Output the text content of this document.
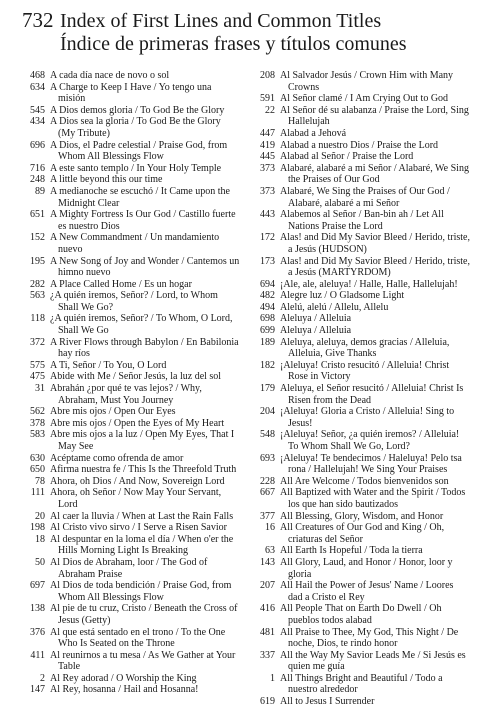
732 Index of First Lines and Common Titles
Índice de primeras frases y títulos comunes
468 A cada día nace de novo o sol
634 A Charge to Keep I Have / Yo tengo una misión
545 A Dios demos gloria / To God Be the Glory
434 A Dios sea la gloria / To God Be the Glory (My Tribute)
696 A Dios, el Padre celestial / Praise God, from Whom All Blessings Flow
716 A este santo templo / In Your Holy Temple
248 A little beyond this our time
89 A medianoche se escuchó / It Came upon the Midnight Clear
651 A Mighty Fortress Is Our God / Castillo fuerte es nuestro Dios
152 A New Commandment / Un mandamiento nuevo
195 A New Song of Joy and Wonder / Cantemos un himno nuevo
282 A Place Called Home / Es un hogar
563 ¿A quién iremos, Señor? / Lord, to Whom Shall We Go?
118 ¿A quién iremos, Señor? / To Whom, O Lord, Shall We Go
372 A River Flows through Babylon / En Babilonia hay ríos
575 A Ti, Señor / To You, O Lord
475 Abide with Me / Señor Jesús, la luz del sol
31 Abrahán ¿por qué te vas lejos? / Why, Abraham, Must You Journey
562 Abre mis ojos / Open Our Eyes
378 Abre mis ojos / Open the Eyes of My Heart
583 Abre mis ojos a la luz / Open My Eyes, That I May See
630 Acéptame como ofrenda de amor
650 Afirma nuestra fe / This Is the Threefold Truth
78 Ahora, oh Dios / And Now, Sovereign Lord
111 Ahora, oh Señor / Now May Your Servant, Lord
20 Al caer la lluvia / When at Last the Rain Falls
198 Al Cristo vivo sirvo / I Serve a Risen Savior
18 Al despuntar en la loma el día / When o'er the Hills Morning Light Is Breaking
50 Al Dios de Abraham, loor / The God of Abraham Praise
697 Al Dios de toda bendición / Praise God, from Whom All Blessings Flow
138 Al pie de tu cruz, Cristo / Beneath the Cross of Jesus (Getty)
376 Al que está sentado en el trono / To the One Who Is Seated on the Throne
411 Al reunirnos a tu mesa / As We Gather at Your Table
2 Al Rey adorad / O Worship the King
147 Al Rey, hosanna / Hail and Hosanna!
208 Al Salvador Jesús / Crown Him with Many Crowns
591 Al Señor clamé / I Am Crying Out to God
22 Al Señor dé su alabanza / Praise the Lord, Sing Hallelujah
447 Alabad a Jehová
419 Alabad a nuestro Dios / Praise the Lord
445 Alabad al Señor / Praise the Lord
373 Alabaré, alabaré a mi Señor / Alabaré, We Sing the Praises of Our God
373 Alabaré, We Sing the Praises of Our God / Alabaré, alabaré a mi Señor
443 Alabemos al Señor / Ban-bin ah / Let All Nations Praise the Lord
172 Alas! and Did My Savior Bleed / Herido, triste, a Jesús (HUDSON)
173 Alas! and Did My Savior Bleed / Herido, triste, a Jesús (MARTYRDOM)
694 ¡Ale, ale, aleluya! / Halle, Halle, Hallelujah!
482 Alegre luz / O Gladsome Light
494 Alelú, alelú / Allelu, Allelu
698 Aleluya / Alleluia
699 Aleluya / Alleluia
189 Aleluya, aleluya, demos gracias / Alleluia, Alleluia, Give Thanks
182 ¡Aleluya! Cristo resucitó / Alleluia! Christ Rose in Victory
179 Aleluya, el Señor resucitó / Alleluia! Christ Is Risen from the Dead
204 ¡Aleluya! Gloria a Cristo / Alleluia! Sing to Jesus!
548 ¡Aleluya! Señor, ¿a quién iremos? / Alleluia! To Whom Shall We Go, Lord?
693 ¡Aleluya! Te bendecimos / Haleluya! Pelo tsa rona / Hallelujah! We Sing Your Praises
228 All Are Welcome / Todos bienvenidos son
667 All Baptized with Water and the Spirit / Todos los que han sido bautizados
377 All Blessing, Glory, Wisdom, and Honor
16 All Creatures of Our God and King / Oh, criaturas del Señor
63 All Earth Is Hopeful / Toda la tierra
143 All Glory, Laud, and Honor / Honor, loor y gloria
207 All Hail the Power of Jesus' Name / Loores dad a Cristo el Rey
416 All People That on Earth Do Dwell / Oh pueblos todos alabad
481 All Praise to Thee, My God, This Night / De noche, Dios, te rindo honor
337 All the Way My Savior Leads Me / Si Jesús es quien me guía
1 All Things Bright and Beautiful / Todo a nuestro alrededor
619 All to Jesus I Surrender
